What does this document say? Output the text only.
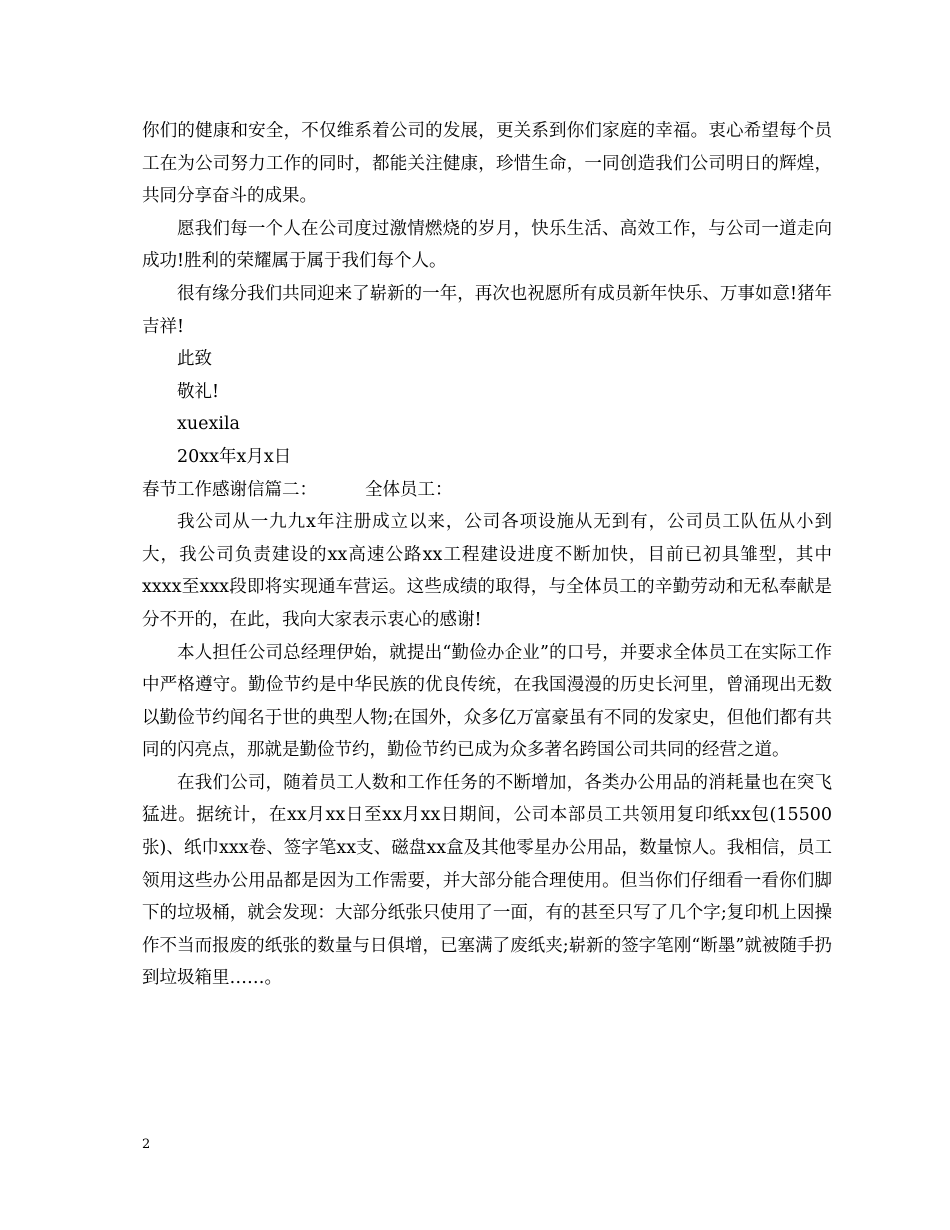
你们的健康和安全，不仅维系着公司的发展，更关系到你们家庭的幸福。衷心希望每个员工在为公司努力工作的同时，都能关注健康，珍惜生命，一同创造我们公司明日的辉煌，共同分享奋斗的成果。

愿我们每一个人在公司度过激情燃烧的岁月，快乐生活、高效工作，与公司一道走向成功!胜利的荣耀属于属于我们每个人。

很有缘分我们共同迎来了崭新的一年，再次也祝愿所有成员新年快乐、万事如意!猪年吉祥!

此致

敬礼!

xuexila

20xx年x月x日

春节工作感谢信篇二：	全体员工：

我公司从一九九x年注册成立以来，公司各项设施从无到有，公司员工队伍从小到大，我公司负责建设的xx高速公路xx工程建设进度不断加快，目前已初具雏型，其中xxxx至xxx段即将实现通车营运。这些成绩的取得，与全体员工的辛勤劳动和无私奉献是分不开的，在此，我向大家表示衷心的感谢!

本人担任公司总经理伊始，就提出“勤俭办企业”的口号，并要求全体员工在实际工作中严格遵守。勤俭节约是中华民族的优良传统，在我国漫漫的历史长河里，曾涌现出无数以勤俭节约闻名于世的典型人物;在国外，众多亿万富豪虽有不同的发家史，但他们都有共同的闪亮点，那就是勤俭节约，勤俭节约已成为众多著名跨国公司共同的经营之道。

在我们公司，随着员工人数和工作任务的不断增加，各类办公用品的消耗量也在突飞猛进。据统计，在xx月xx日至xx月xx日期间，公司本部员工共领用复印纸xx包(15500张)、纸巾xxx卷、签字笔xx支、磁盘xx盒及其他零星办公用品，数量惊人。我相信，员工领用这些办公用品都是因为工作需要，并大部分能合理使用。但当你们仔细看一看你们脚下的垃圾桶，就会发现：大部分纸张只使用了一面，有的甚至只写了几个字;复印机上因操作不当而报废的纸张的数量与日俱增，已塞满了废纸夹;崭新的签字笔刚“断墨”就被随手扔到垃圾箱里……。

2
